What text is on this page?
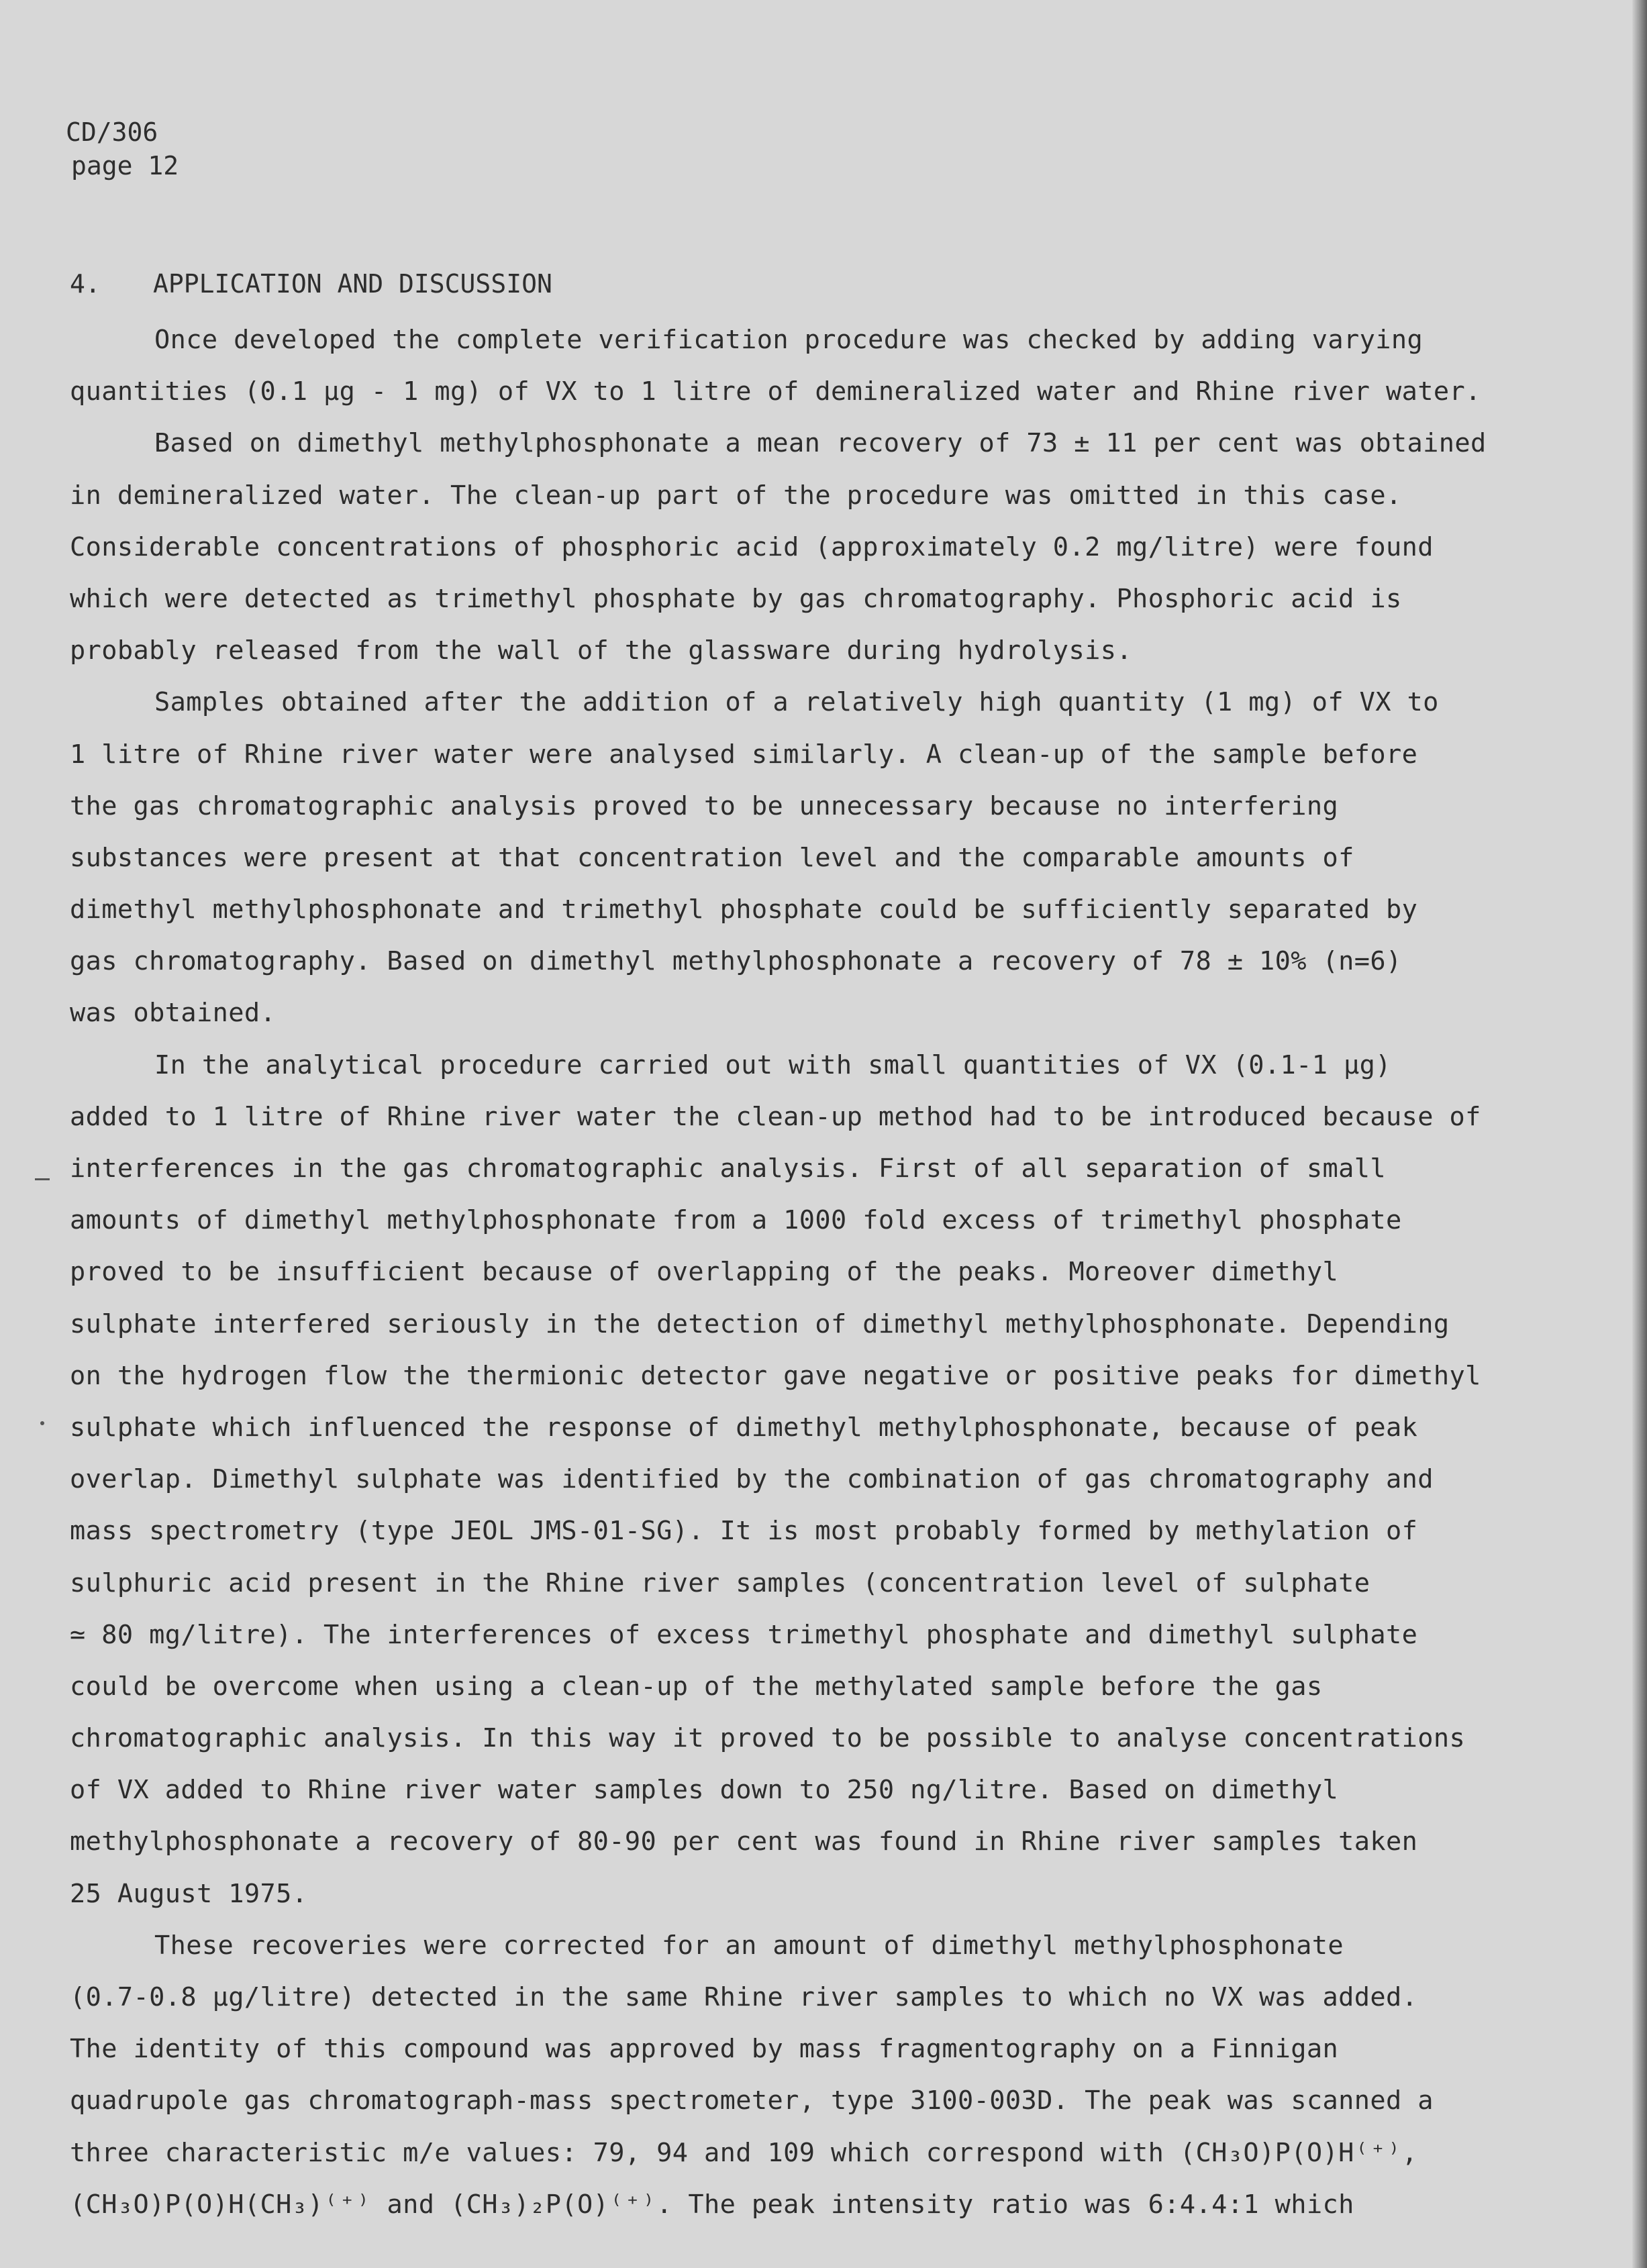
CD/306
page 12
4. APPLICATION AND DISCUSSION
Once developed the complete verification procedure was checked by adding varying
quantities (0.1 µg - 1 mg) of VX to 1 litre of demineralized water and Rhine river water.
Based on dimethyl methylphosphonate a mean recovery of 73 ± 11 per cent was obtained
in demineralized water. The clean-up part of the procedure was omitted in this case.
Considerable concentrations of phosphoric acid (approximately 0.2 mg/litre) were found
which were detected as trimethyl phosphate by gas chromatography. Phosphoric acid is
probably released from the wall of the glassware during hydrolysis.
Samples obtained after the addition of a relatively high quantity (1 mg) of VX to
1 litre of Rhine river water were analysed similarly. A clean-up of the sample before
the gas chromatographic analysis proved to be unnecessary because no interfering
substances were present at that concentration level and the comparable amounts of
dimethyl methylphosphonate and trimethyl phosphate could be sufficiently separated by
gas chromatography. Based on dimethyl methylphosphonate a recovery of 78 ± 10% (n=6)
was obtained.
In the analytical procedure carried out with small quantities of VX (0.1-1 µg)
added to 1 litre of Rhine river water the clean-up method had to be introduced because of
interferences in the gas chromatographic analysis. First of all separation of small
amounts of dimethyl methylphosphonate from a 1000 fold excess of trimethyl phosphate
proved to be insufficient because of overlapping of the peaks. Moreover dimethyl
sulphate interfered seriously in the detection of dimethyl methylphosphonate. Depending
on the hydrogen flow the thermionic detector gave negative or positive peaks for dimethyl
sulphate which influenced the response of dimethyl methylphosphonate, because of peak
overlap. Dimethyl sulphate was identified by the combination of gas chromatography and
mass spectrometry (type JEOL JMS-01-SG). It is most probably formed by methylation of
sulphuric acid present in the Rhine river samples (concentration level of sulphate
≃ 80 mg/litre). The interferences of excess trimethyl phosphate and dimethyl sulphate
could be overcome when using a clean-up of the methylated sample before the gas
chromatographic analysis. In this way it proved to be possible to analyse concentrations
of VX added to Rhine river water samples down to 250 ng/litre. Based on dimethyl
methylphosphonate a recovery of 80-90 per cent was found in Rhine river samples taken
25 August 1975.
These recoveries were corrected for an amount of dimethyl methylphosphonate
(0.7-0.8 µg/litre) detected in the same Rhine river samples to which no VX was added.
The identity of this compound was approved by mass fragmentography on a Finnigan
quadrupole gas chromatograph-mass spectrometer, type 3100-003D. The peak was scanned a
three characteristic m/e values: 79, 94 and 109 which correspond with (CH₃O)P(O)H⁽⁺⁾,
(CH₃O)P(O)H(CH₃)⁽⁺⁾ and (CH₃)₂P(O)⁽⁺⁾. The peak intensity ratio was 6:4.4:1 which
